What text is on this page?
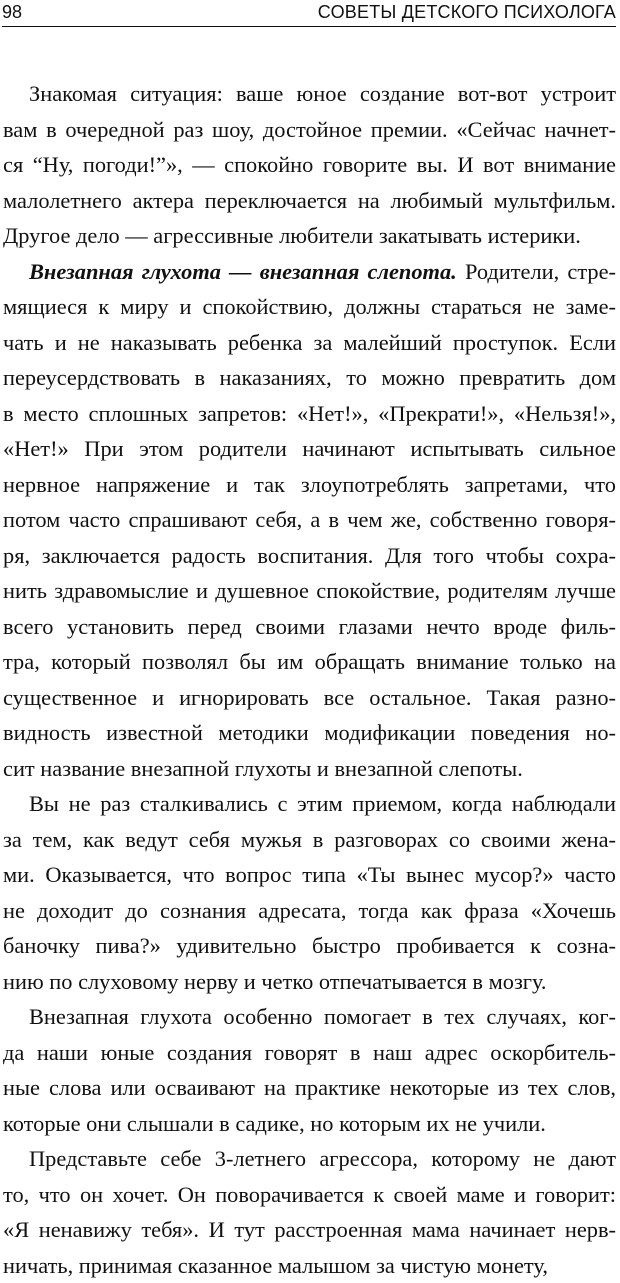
98	СОВЕТЫ ДЕТСКОГО ПСИХОЛОГА
Знакомая ситуация: ваше юное создание вот-вот устроит
вам в очередной раз шоу, достойное премии. «Сейчас начнет-
ся “Ну, погоди!”», — спокойно говорите вы. И вот внимание
малолетнего актера переключается на любимый мультфильм.
Другое дело — агрессивные любители закатывать истерики.
Внезапная глухота — внезапная слепота. Родители, стре-
мящиеся к миру и спокойствию, должны стараться не заме-
чать и не наказывать ребенка за малейший проступок. Если
переусердствовать в наказаниях, то можно превратить дом
в место сплошных запретов: «Нет!», «Прекрати!», «Нельзя!»,
«Нет!» При этом родители начинают испытывать сильное
нервное напряжение и так злоупотреблять запретами, что
потом часто спрашивают себя, а в чем же, собственно говоря-
ря, заключается радость воспитания. Для того чтобы сохра-
нить здравомыслие и душевное спокойствие, родителям лучше
всего установить перед своими глазами нечто вроде филь-
тра, который позволял бы им обращать внимание только на
существенное и игнорировать все остальное. Такая разно-
видность известной методики модификации поведения но-
сит название внезапной глухоты и внезапной слепоты.
Вы не раз сталкивались с этим приемом, когда наблюдали
за тем, как ведут себя мужья в разговорах со своими жена-
ми. Оказывается, что вопрос типа «Ты вынес мусор?» часто
не доходит до сознания адресата, тогда как фраза «Хочешь
баночку пива?» удивительно быстро пробивается к созна-
нию по слуховому нерву и четко отпечатывается в мозгу.
Внезапная глухота особенно помогает в тех случаях, ког-
да наши юные создания говорят в наш адрес оскорбитель-
ные слова или осваивают на практике некоторые из тех слов,
которые они слышали в садике, но которым их не учили.
Представьте себе 3-летнего агрессора, которому не дают
то, что он хочет. Он поворачивается к своей маме и говорит:
«Я ненавижу тебя». И тут расстроенная мама начинает нерв-
ничать, принимая сказанное малышом за чистую монету,
